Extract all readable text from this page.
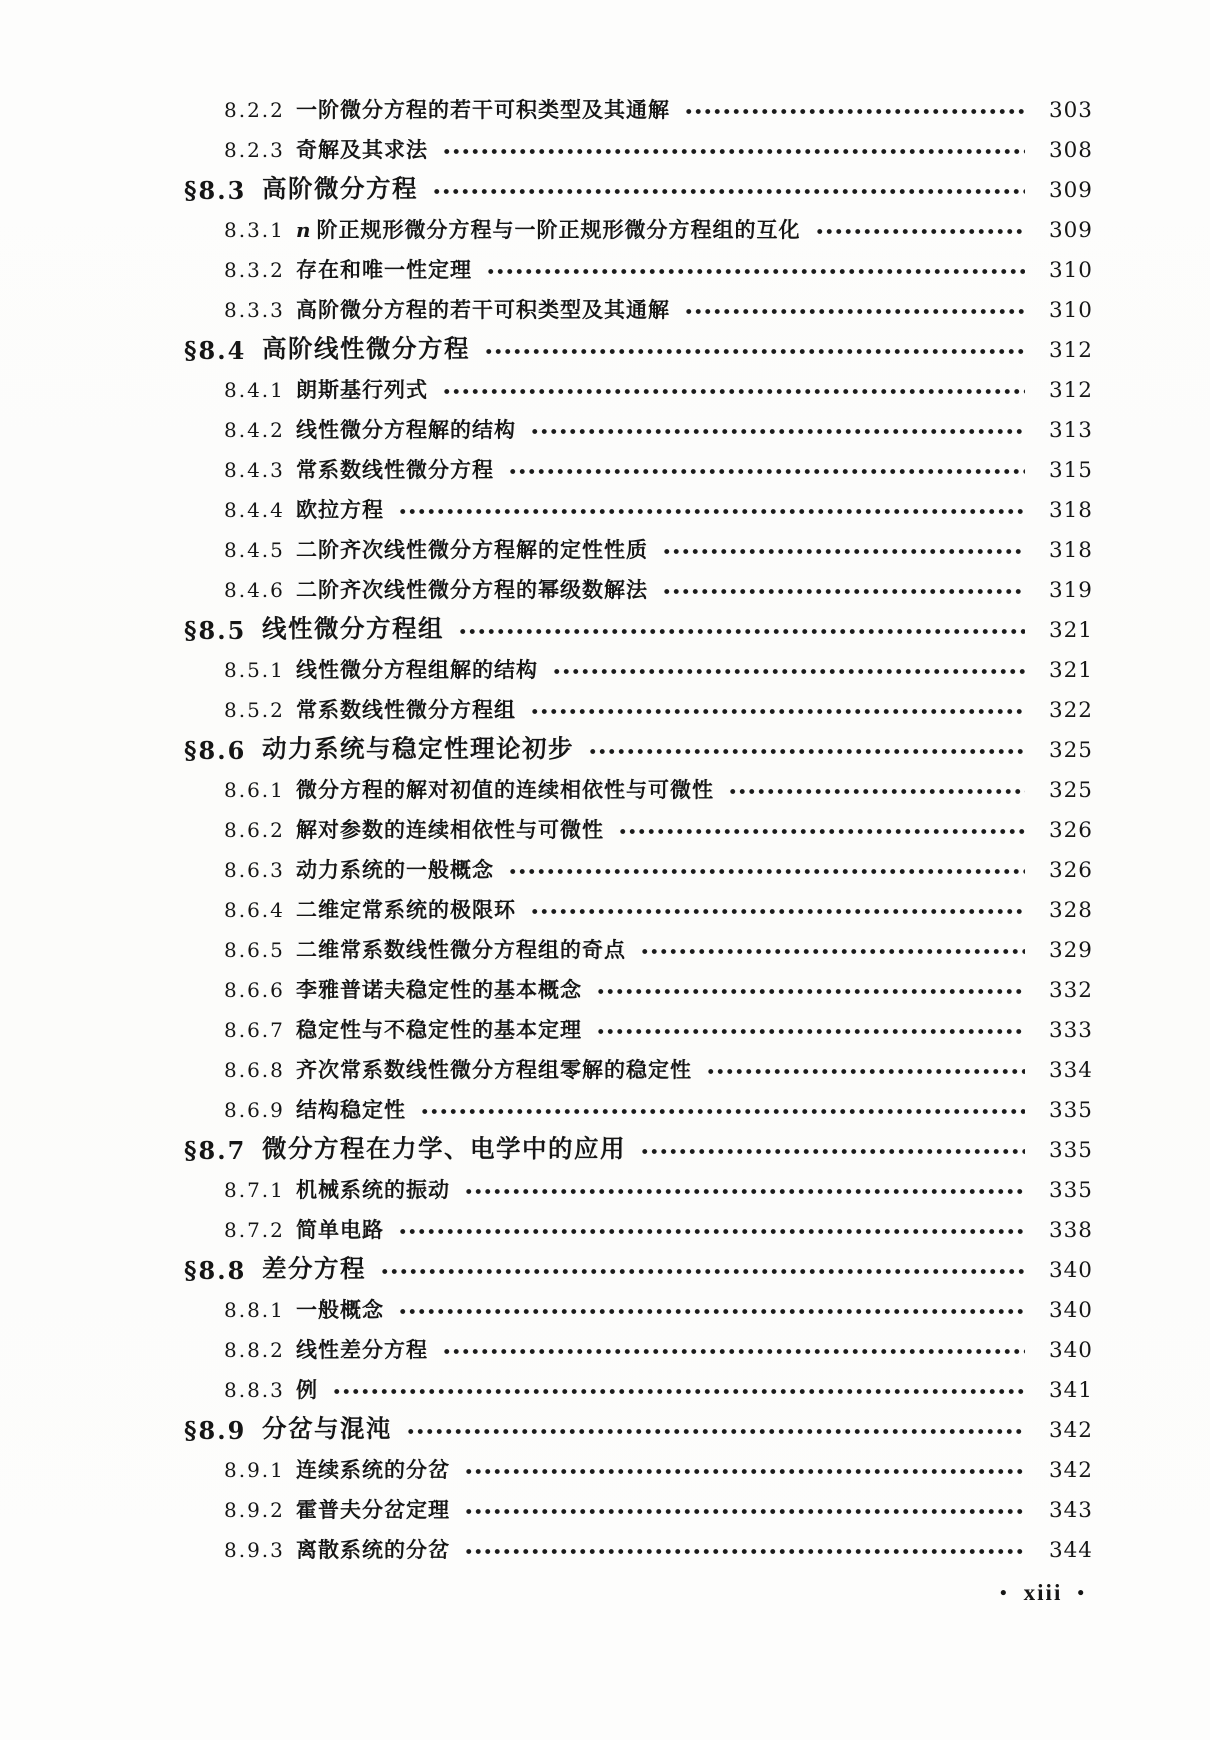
8.2.2 一阶微分方程的若干可积类型及其通解	303
8.2.3 奇解及其求法	308
§8.3 高阶微分方程	309
8.3.1 n 阶正规形微分方程与一阶正规形微分方程组的互化	309
8.3.2 存在和唯一性定理	310
8.3.3 高阶微分方程的若干可积类型及其通解	310
§8.4 高阶线性微分方程	312
8.4.1 朗斯基行列式	312
8.4.2 线性微分方程解的结构	313
8.4.3 常系数线性微分方程	315
8.4.4 欧拉方程	318
8.4.5 二阶齐次线性微分方程解的定性性质	318
8.4.6 二阶齐次线性微分方程的幂级数解法	319
§8.5 线性微分方程组	321
8.5.1 线性微分方程组解的结构	321
8.5.2 常系数线性微分方程组	322
§8.6 动力系统与稳定性理论初步	325
8.6.1 微分方程的解对初值的连续相依性与可微性	325
8.6.2 解对参数的连续相依性与可微性	326
8.6.3 动力系统的一般概念	326
8.6.4 二维定常系统的极限环	328
8.6.5 二维常系数线性微分方程组的奇点	329
8.6.6 李雅普诺夫稳定性的基本概念	332
8.6.7 稳定性与不稳定性的基本定理	333
8.6.8 齐次常系数线性微分方程组零解的稳定性	334
8.6.9 结构稳定性	335
§8.7 微分方程在力学、电学中的应用	335
8.7.1 机械系统的振动	335
8.7.2 简单电路	338
§8.8 差分方程	340
8.8.1 一般概念	340
8.8.2 线性差分方程	340
8.8.3 例	341
§8.9 分岔与混沌	342
8.9.1 连续系统的分岔	342
8.9.2 霍普夫分岔定理	343
8.9.3 离散系统的分岔	344
• xiii •
